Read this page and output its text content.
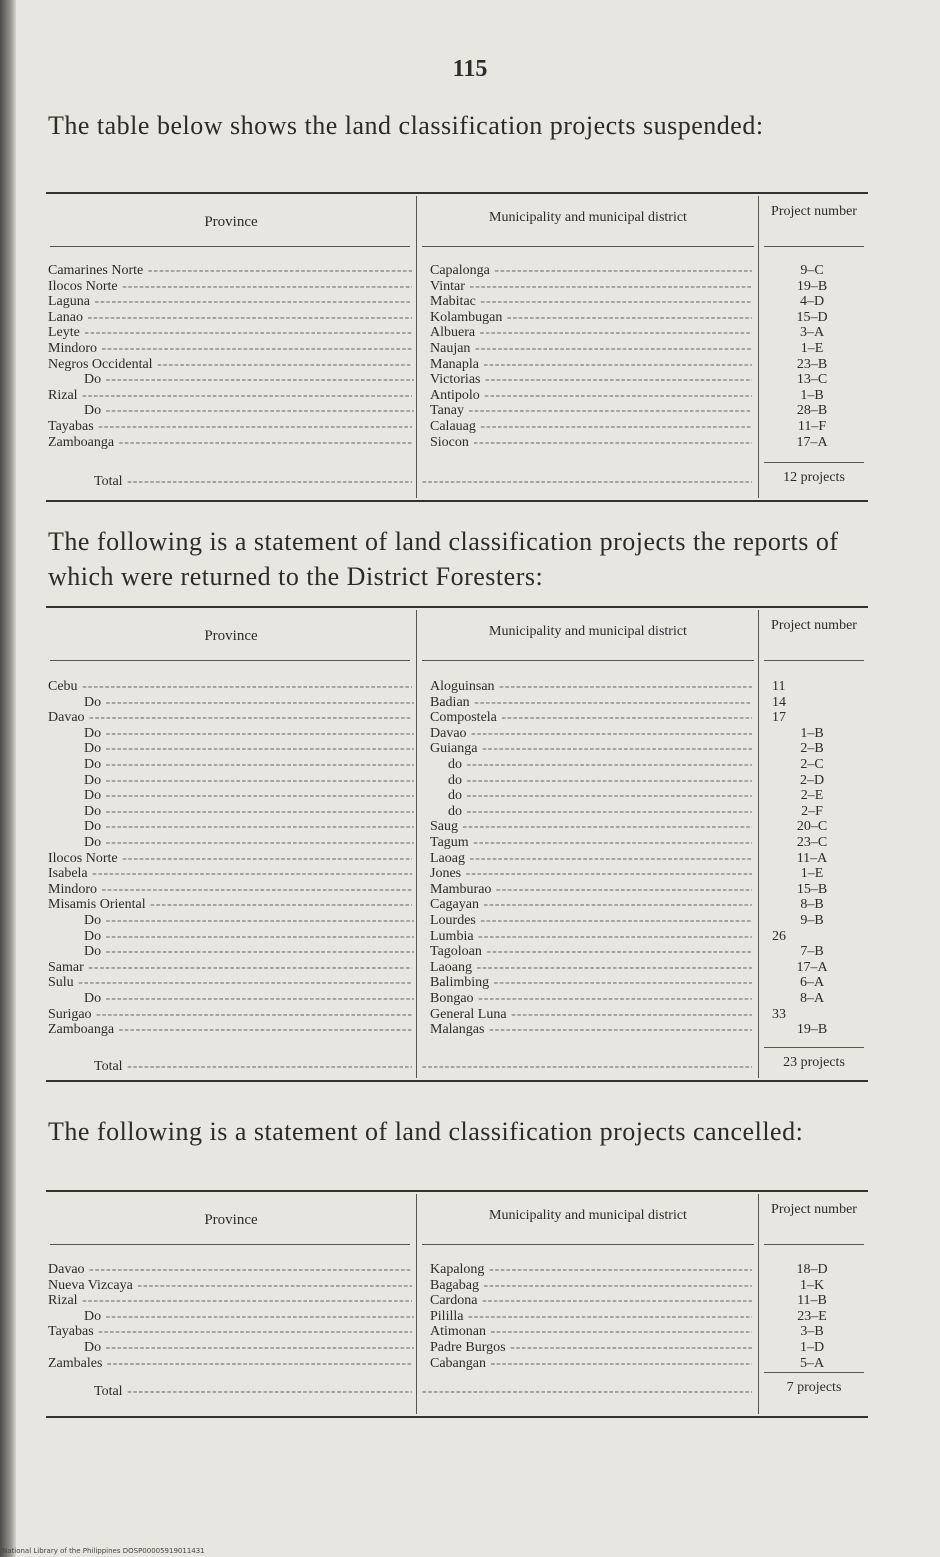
115
The table below shows the land classification projects suspended:
Province	Municipality and municipal district	Project number
Camarines Norte -----	Capalonga -----	9–C
Ilocos Norte -----	Vintar -----	19–B
Laguna -----	Mabitac -----	4–D
Lanao -----	Kolambugan -----	15–D
Leyte -----	Albuera -----	3–A
Mindoro -----	Naujan -----	1–E
Negros Occidental -----	Manapla -----	23–B
Do -----	Victorias -----	13–C
Rizal -----	Antipolo -----	1–B
Do -----	Tanay -----	28–B
Tayabas -----	Calauag -----	11–F
Zamboanga -----	Siocon -----	17–A
Total ----- -----	12 projects
The following is a statement of land classification projects the reports of which were returned to the District Foresters:
Province	Municipality and municipal district	Project number
Cebu -----	Aloguinsan -----	11
Do -----	Badian -----	14
Davao -----	Compostela -----	17
Do -----	Davao -----	1–B
Do -----	Guianga -----	2–B
Do -----	do -----	2–C
Do -----	do -----	2–D
Do -----	do -----	2–E
Do -----	do -----	2–F
Do -----	Saug -----	20–C
Do -----	Tagum -----	23–C
Ilocos Norte -----	Laoag -----	11–A
Isabela -----	Jones -----	1–E
Mindoro -----	Mamburao -----	15–B
Misamis Oriental -----	Cagayan -----	8–B
Do -----	Lourdes -----	9–B
Do -----	Lumbia -----	26
Do -----	Tagoloan -----	7–B
Samar -----	Laoang -----	17–A
Sulu -----	Balimbing -----	6–A
Do -----	Bongao -----	8–A
Surigao -----	General Luna -----	33
Zamboanga -----	Malangas -----	19–B
Total ----- -----	23 projects
The following is a statement of land classification projects cancelled:
Province	Municipality and municipal district	Project number
Davao -----	Kapalong -----	18–D
Nueva Vizcaya -----	Bagabag -----	1–K
Rizal -----	Cardona -----	11–B
Do -----	Pililla -----	23–E
Tayabas -----	Atimonan -----	3–B
Do -----	Padre Burgos -----	1–D
Zambales -----	Cabangan -----	5–A
Total ----- -----	7 projects
National Library of the Philippines DOSP00005919011431
